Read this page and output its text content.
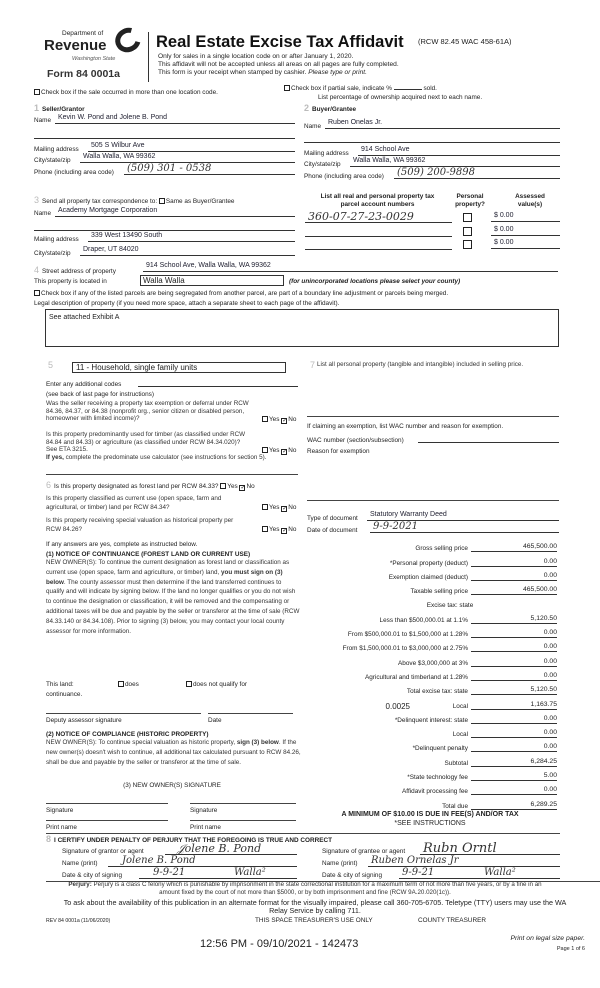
Department of
Revenue
Washington State
Form 84 0001a
Real Estate Excise Tax Affidavit (RCW 82.45 WAC 458-61A)
Only for sales in a single location code on or after January 1, 2020.
This affidavit will not be accepted unless all areas on all pages are fully completed.
This form is your receipt when stamped by cashier. Please type or print.
Check box if the sale occurred in more than one location code.
Check box if partial sale, indicate %	sold.
List percentage of ownership acquired next to each name.
1 Seller/Grantor
Name Kevin W. Pond and Jolene B. Pond
Mailing address
505 S Wilbur Ave
City/state/zip
Walla Walla, WA 99362
Phone (including area code) (509) 301 - 0538
2 Buyer/Grantee
Name
Ruben Onelas Jr.
Mailing address
914 School Ave
City/state/zip
Walla Walla, WA 99362
Phone (including area code) (509) 200-9898
3 Send all property tax correspondence to: Same as Buyer/Grantee
Name Academy Mortgage Corporation
Mailing address
339 West 13490 South
City/state/zip
Draper, UT 84020
List all real and personal property tax
parcel account numbers
Personal
property?
Assessed
value(s)
360-07-27-23-0029	$ 0.00
$ 0.00
$ 0.00
4 Street address of property
914 School Ave, Walla Walla, WA 99362
This property is located in	Walla Walla	(for unincorporated locations please select your county)
Check box if any of the listed parcels are being segregated from another parcel, are part of a boundary line adjustment or parcels being merged.
Legal description of property (if you need more space, attach a separate sheet to each page of the affidavit).
See attached Exhibit A
5	11 - Household, single family units
Enter any additional codes
(see back of last page for instructions)
Was the seller receiving a property tax exemption or deferral under RCW 84.36, 84.37, or 84.38 (nonprofit org., senior citizen or disabled person, homeowner with limited income)?	Yes ✓No
Is this property predominantly used for timber (as classified under RCW 84.84 and 84.33) or agriculture (as classified under RCW 84.34.020)? See ETA 3215.	Yes ✓No
If yes, complete the predominate use calculator (see instructions for section 5).
6 Is this property designated as forest land per RCW 84.33? Yes ✓No
Is this property classified as current use (open space, farm and agricultural, or timber) land per RCW 84.34?	Yes ✓No
Is this property receiving special valuation as historical property per RCW 84.26?	Yes ✓No
If any answers are yes, complete as instructed below.
(1) NOTICE OF CONTINUANCE (FOREST LAND OR CURRENT USE)
NEW OWNER(S): To continue the current designation as forest land or classification as current use (open space, farm and agriculture, or timber) land, you must sign on (3) below. The county assessor must then determine if the land transferred continues to qualify and will indicate by signing below. If the land no longer qualifies or you do not wish to continue the designation or classification, it will be removed and the compensating or additional taxes will be due and payable by the seller or transferor at the time of sale (RCW 84.33.140 or 84.34.108). Prior to signing (3) below, you may contact your local county assessor for more information.
This land:	does	does not qualify for
continuance.
Deputy assessor signature	Date
(2) NOTICE OF COMPLIANCE (HISTORIC PROPERTY)
NEW OWNER(S): To continue special valuation as historic property, sign (3) below. If the new owner(s) doesn't wish to continue, all additional tax calculated pursuant to RCW 84.26, shall be due and payable by the seller or transferor at the time of sale.
(3) NEW OWNER(S) SIGNATURE
Signature	Signature
Print name	Print name
7 List all personal property (tangible and intangible) included in selling price.
If claiming an exemption, list WAC number and reason for exemption.
WAC number (section/subsection)
Reason for exemption
Type of document
Statutory Warranty Deed
Date of document 9-9-2021
Gross selling price	465,500.00
*Personal property (deduct)	0.00
Exemption claimed (deduct)	0.00
Taxable selling price	465,500.00
Excise tax: state
Less than $500,000.01 at 1.1%	5,120.50
From $500,000.01 to $1,500,000 at 1.28%	0.00
From $1,500,000.01 to $3,000,000 at 2.75%	0.00
Above $3,000,000 at 3%	0.00
Agricultural and timberland at 1.28%	0.00
Total excise tax: state	5,120.50
Local	1,163.75
0.0025
*Delinquent interest: state	0.00
Local	0.00
*Delinquent penalty	0.00
Subtotal	6,284.25
*State technology fee	5.00
Affidavit processing fee	0.00
Total due	6,289.25
A MINIMUM OF $10.00 IS DUE IN FEE(S) AND/OR TAX
*SEE INSTRUCTIONS
8 I CERTIFY UNDER PENALTY OF PERJURY THAT THE FOREGOING IS TRUE AND CORRECT
Signature of grantor or agent	𝒥olene B. Pond
Name (print) Jolene B. Pond
Date & city of signing	9-9-21	Walla²
Signature of grantee or agent Rubn Orntl
Name (print) Ruben Ornelas Jr
Date & city of signing 9-9-21	Walla²
Perjury: Perjury is a class C felony which is punishable by imprisonment in the state correctional institution for a maximum term of not more than five years, or by a fine in an amount fixed by the court of not more than $5000, or by both imprisonment and fine (RCW 9A.20.020(1c)).
To ask about the availability of this publication in an alternate format for the visually impaired, please call 360-705-6705. Teletype (TTY) users may use the WA Relay Service by calling 711.
REV 84 0001a (11/06/2020)	THIS SPACE TREASURER'S USE ONLY	COUNTY TREASURER
12:56 PM - 09/10/2021 - 142473	Print on legal size paper.
Page 1 of 6
